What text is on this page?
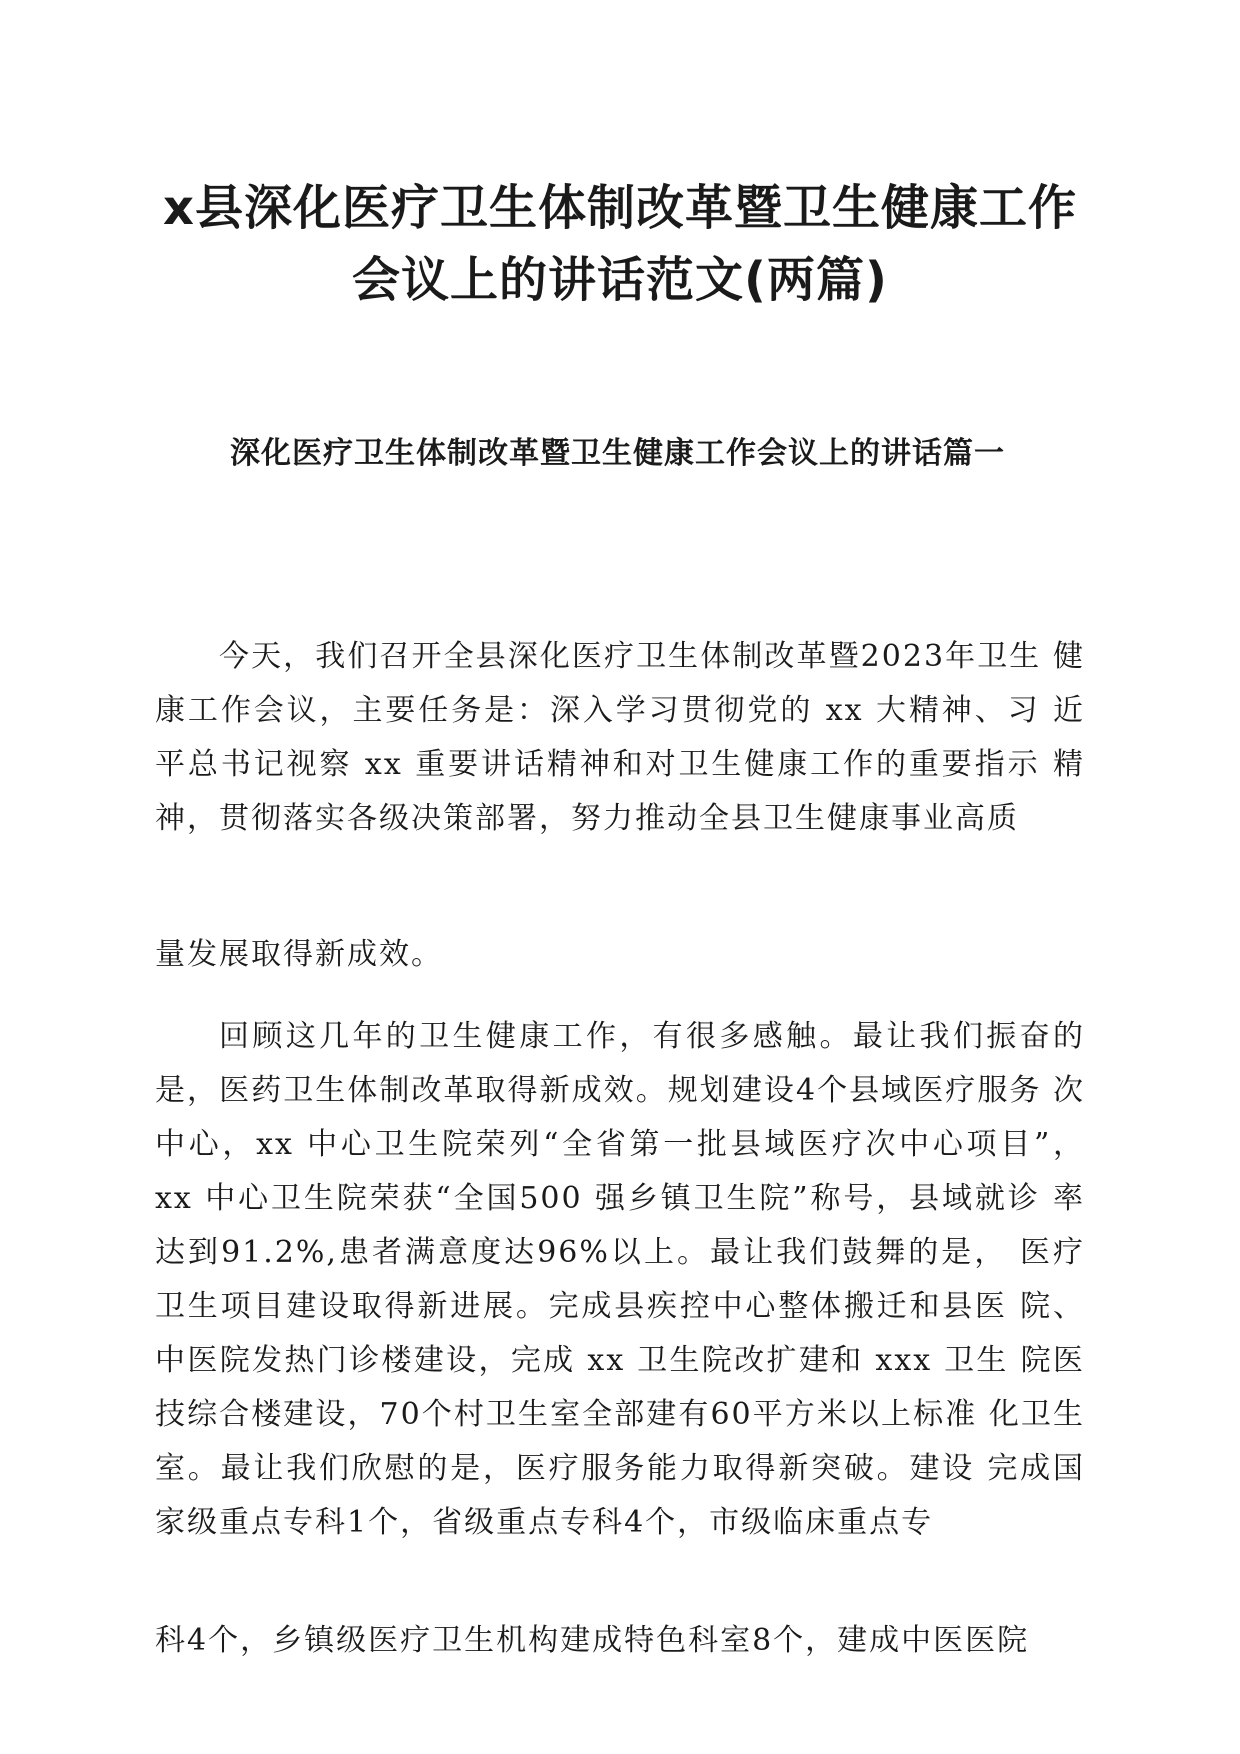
x县深化医疗卫生体制改革暨卫生健康工作
会议上的讲话范文(两篇)
深化医疗卫生体制改革暨卫生健康工作会议上的讲话篇一
今天，我们召开全县深化医疗卫生体制改革暨2023年卫生 健康工作会议，主要任务是：深入学习贯彻党的 xx 大精神、习 近平总书记视察 xx 重要讲话精神和对卫生健康工作的重要指示 精神，贯彻落实各级决策部署，努力推动全县卫生健康事业高质
量发展取得新成效。
回顾这几年的卫生健康工作，有很多感触。最让我们振奋的是，医药卫生体制改革取得新成效。规划建设4个县域医疗服务 次中心，xx 中心卫生院荣列“全省第一批县域医疗次中心项目”， xx 中心卫生院荣获“全国500 强乡镇卫生院”称号，县域就诊 率达到91.2%,患者满意度达96%以上。最让我们鼓舞的是， 医疗卫生项目建设取得新进展。完成县疾控中心整体搬迁和县医 院、中医院发热门诊楼建设，完成 xx 卫生院改扩建和 xxx 卫生 院医技综合楼建设，70个村卫生室全部建有60平方米以上标准 化卫生室。最让我们欣慰的是，医疗服务能力取得新突破。建设 完成国家级重点专科1个，省级重点专科4个，市级临床重点专
科4个，乡镇级医疗卫生机构建成特色科室8个，建成中医医院
